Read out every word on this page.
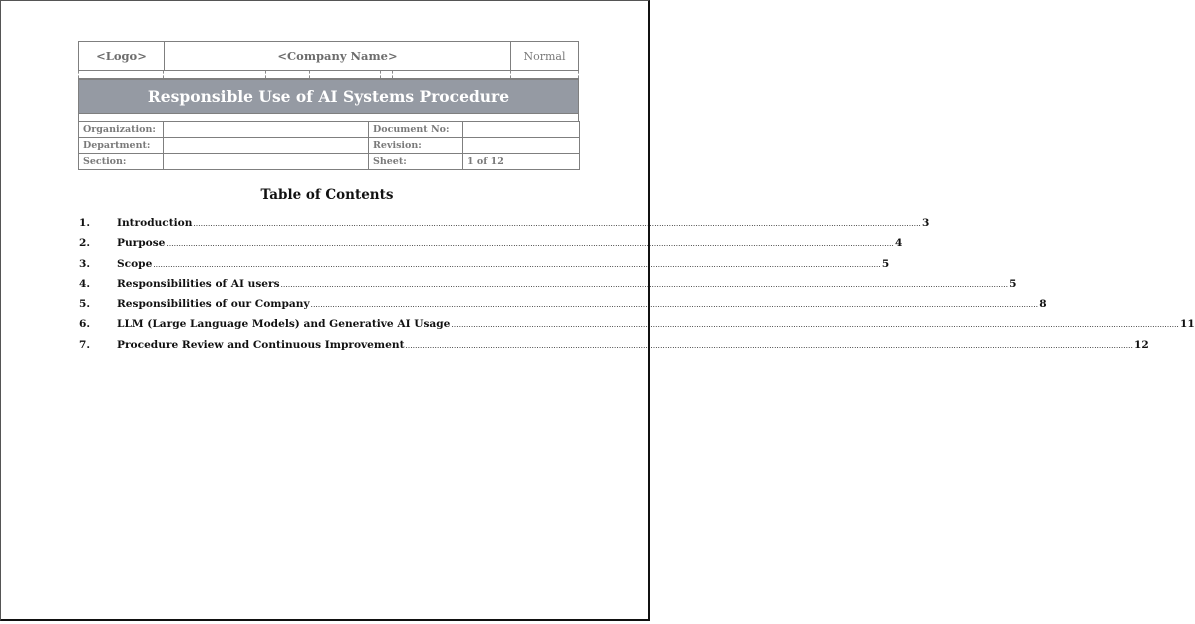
<Logo>	<Company Name>	Normal
Responsible Use of AI Systems Procedure
Organization:		Document No:	
Department:		Revision:	
Section:		Sheet:	1 of 12
Table of Contents
1.	Introduction ............................................................................................................................................................................................................................................................................................................ 3
2.	Purpose ............................................................................................................................................................................................................................................................................................................ 4
3.	Scope ............................................................................................................................................................................................................................................................................................................ 5
4.	Responsibilities of AI users ............................................................................................................................................................................................................................................................................................................ 5
5.	Responsibilities of our Company ............................................................................................................................................................................................................................................................................................................ 8
6.	LLM (Large Language Models) and Generative AI Usage ............................................................................................................................................................................................................................................................................................................ 11
7.	Procedure Review and Continuous Improvement ............................................................................................................................................................................................................................................................................................................ 12
